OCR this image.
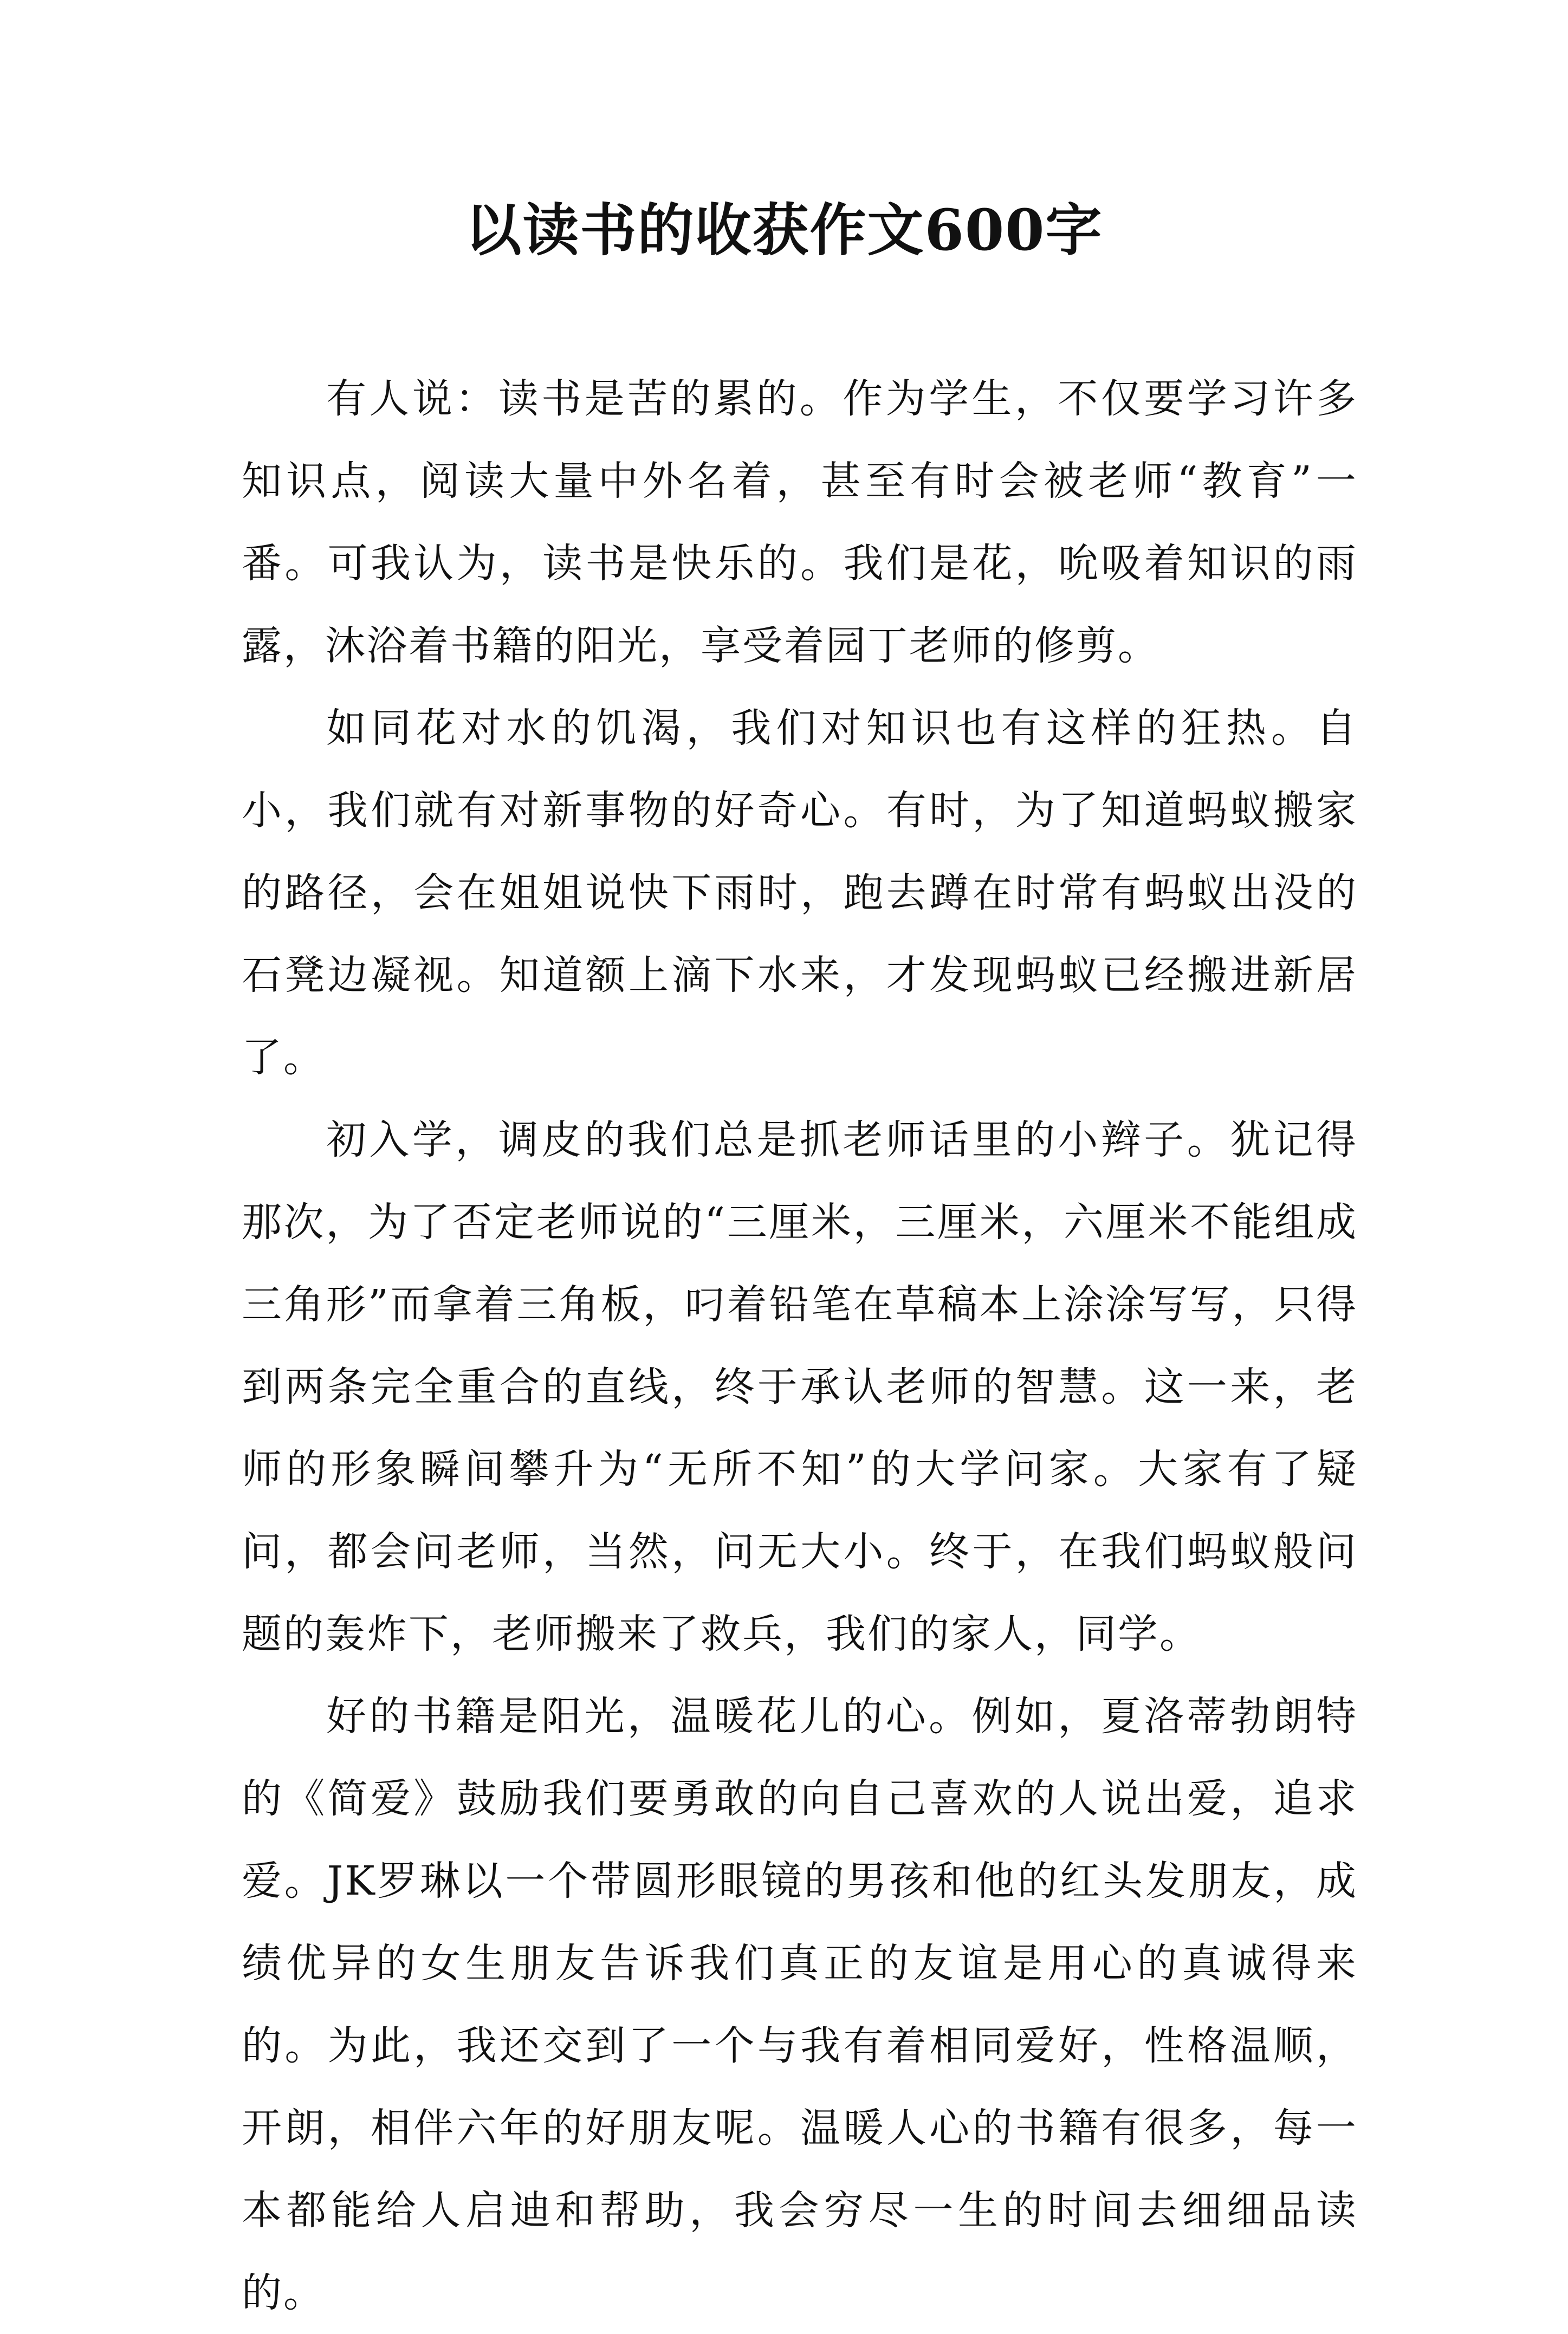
以读书的收获作文600字

有人说：读书是苦的累的。作为学生，不仅要学习许多知识点，阅读大量中外名着，甚至有时会被老师“教育”一番。可我认为，读书是快乐的。我们是花，吮吸着知识的雨露，沐浴着书籍的阳光，享受着园丁老师的修剪。

如同花对水的饥渴，我们对知识也有这样的狂热。自小，我们就有对新事物的好奇心。有时，为了知道蚂蚁搬家的路径，会在姐姐说快下雨时，跑去蹲在时常有蚂蚁出没的石凳边凝视。知道额上滴下水来，才发现蚂蚁已经搬进新居了。

初入学，调皮的我们总是抓老师话里的小辫子。犹记得那次，为了否定老师说的“三厘米，三厘米，六厘米不能组成三角形”而拿着三角板，叼着铅笔在草稿本上涂涂写写，只得到两条完全重合的直线，终于承认老师的智慧。这一来，老师的形象瞬间攀升为“无所不知”的大学问家。大家有了疑问，都会问老师，当然，问无大小。终于，在我们蚂蚁般问题的轰炸下，老师搬来了救兵，我们的家人，同学。

好的书籍是阳光，温暖花儿的心。例如，夏洛蒂勃朗特的《简爱》鼓励我们要勇敢的向自己喜欢的人说出爱，追求爱。JK罗琳以一个带圆形眼镜的男孩和他的红头发朋友，成绩优异的女生朋友告诉我们真正的友谊是用心的真诚得来的。为此，我还交到了一个与我有着相同爱好，性格温顺，开朗，相伴六年的好朋友呢。温暖人心的书籍有很多，每一本都能给人启迪和帮助，我会穷尽一生的时间去细细品读的。
